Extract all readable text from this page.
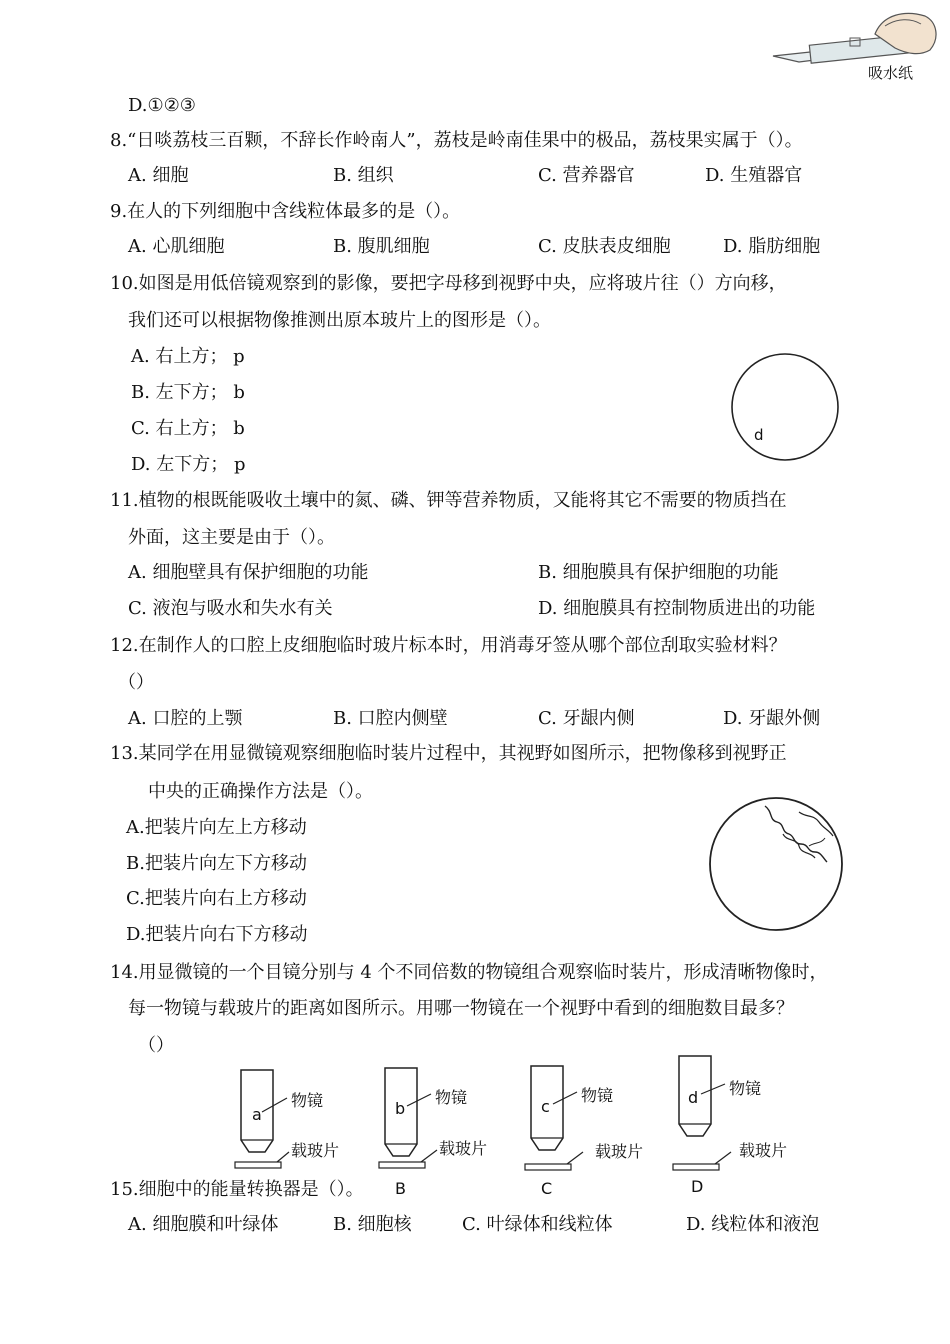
吸水纸
D.①②③
8.“日啖荔枝三百颗，不辞长作岭南人”，荔枝是岭南佳果中的极品，荔枝果实属于（）。
A. 细胞	B. 组织	C. 营养器官	D. 生殖器官
9.在人的下列细胞中含线粒体最多的是（）。
A. 心肌细胞	B. 腹肌细胞	C. 皮肤表皮细胞	D. 脂肪细胞
10.如图是用低倍镜观察到的影像，要把字母移到视野中央，应将玻片往（）方向移，
我们还可以根据物像推测出原本玻片上的图形是（）。
A. 右上方； p
B. 左下方； b
C. 右上方； b
D. 左下方； p
d
11.植物的根既能吸收土壤中的氮、磷、钾等营养物质，又能将其它不需要的物质挡在
外面，这主要是由于（）。
A. 细胞壁具有保护细胞的功能	B. 细胞膜具有保护细胞的功能
C. 液泡与吸水和失水有关	D. 细胞膜具有控制物质进出的功能
12.在制作人的口腔上皮细胞临时玻片标本时，用消毒牙签从哪个部位刮取实验材料？
（）
A. 口腔的上颚	B. 口腔内侧壁	C. 牙龈内侧	D. 牙龈外侧
13.某同学在用显微镜观察细胞临时装片过程中，其视野如图所示，把物像移到视野正
中央的正确操作方法是（）。
A.把装片向左上方移动
B.把装片向左下方移动
C.把装片向右上方移动
D.把装片向右下方移动
14.用显微镜的一个目镜分别与 4 个不同倍数的物镜组合观察临时装片，形成清晰物像时，
每一物镜与载玻片的距离如图所示。用哪一物镜在一个视野中看到的细胞数目最多？
（）
a
物镜
载玻片
b
物镜
载玻片
B
c
物镜
载玻片
C
d 物镜
载玻片
D
15.细胞中的能量转换器是（）。
A. 细胞膜和叶绿体	B. 细胞核	C. 叶绿体和线粒体	D. 线粒体和液泡
